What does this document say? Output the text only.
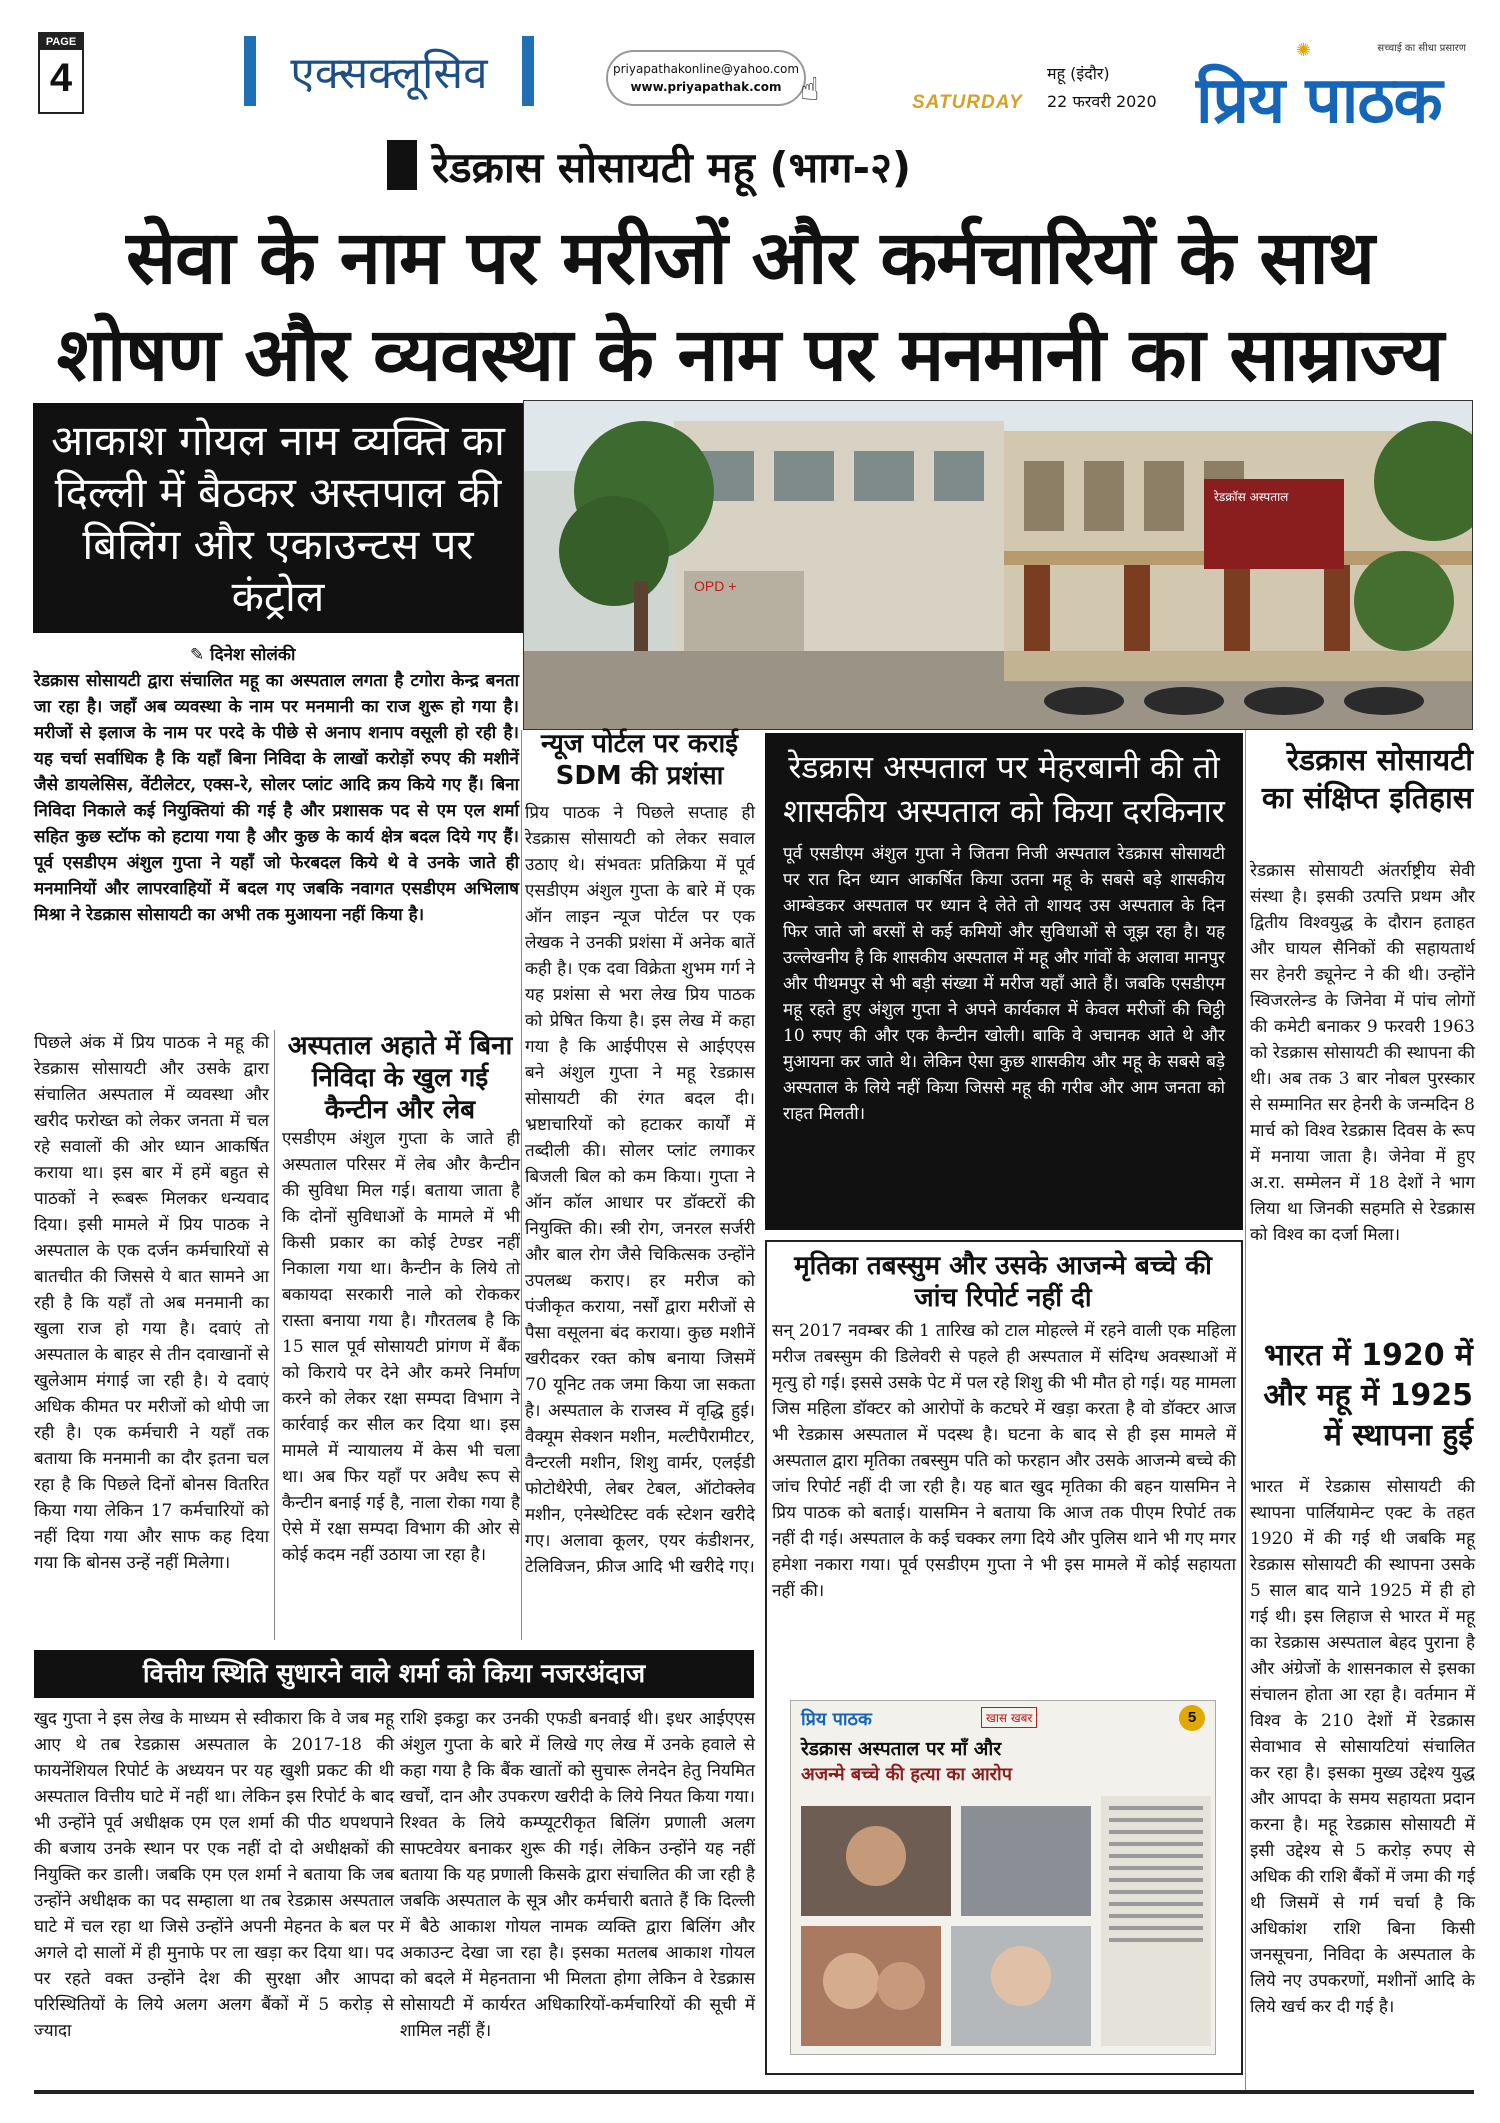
PAGE
4	एक्सक्लूसिव	priyapathakonline@yahoo.com
www.priyapathak.com ☝	SATURDAY
महू (इंदौर)
22 फरवरी 2020
✺	सच्चाई का सीधा प्रसारण
प्रिय पाठक
रेडक्रास सोसायटी महू (भाग-२)
सेवा के नाम पर मरीजों और कर्मचारियों के साथ
शोषण और व्यवस्था के नाम पर मनमानी का साम्राज्य
आकाश गोयल नाम व्यक्ति का दिल्ली में बैठकर अस्तपाल की बिलिंग और एकाउन्टस पर कंट्रोल	OPD +
रेडक्रॉस अस्पताल
✎ दिनेश सोलंकी
रेडक्रास सोसायटी द्वारा संचालित महू का अस्पताल लगता है टगोरा केन्द्र बनता जा रहा है। जहाँ अब व्यवस्था के नाम पर मनमानी का राज शुरू हो गया है। मरीजों से इलाज के नाम पर परदे के पीछे से अनाप शनाप वसूली हो रही है। यह चर्चा सर्वाधिक है कि यहाँ बिना निविदा के लाखों करोड़ों रुपए की मशीनें जैसे डायलेसिस, वेंटीलेटर, एक्स-रे, सोलर प्लांट आदि क्रय किये गए हैं। बिना निविदा निकाले कई नियुक्तियां की गई है और प्रशासक पद से एम एल शर्मा सहित कुछ स्टॉफ को हटाया गया है और कुछ के कार्य क्षेत्र बदल दिये गए हैं। पूर्व एसडीएम अंशुल गुप्ता ने यहाँ जो फेरबदल किये थे वे उनके जाते ही मनमानियों और लापरवाहियों में बदल गए जबकि नवागत एसडीएम अभिलाष मिश्रा ने रेडक्रास सोसायटी का अभी तक मुआयना नहीं किया है।
पिछले अंक में प्रिय पाठक ने महू की रेडक्रास सोसायटी और उसके द्वारा संचालित अस्पताल में व्यवस्था और खरीद फरोख्त को लेकर जनता में चल रहे सवालों की ओर ध्यान आकर्षित कराया था। इस बार में हमें बहुत से पाठकों ने रूबरू मिलकर धन्यवाद दिया। इसी मामले में प्रिय पाठक ने अस्पताल के एक दर्जन कर्मचारियों से बातचीत की जिससे ये बात सामने आ रही है कि यहाँ तो अब मनमानी का खुला राज हो गया है। दवाएं तो अस्पताल के बाहर से तीन दवाखानों से खुलेआम मंगाई जा रही है। ये दवाएं अधिक कीमत पर मरीजों को थोपी जा रही है। एक कर्मचारी ने यहाँ तक बताया कि मनमानी का दौर इतना चल रहा है कि पिछले दिनों बोनस वितरित किया गया लेकिन 17 कर्मचारियों को नहीं दिया गया और साफ कह दिया गया कि बोनस उन्हें नहीं मिलेगा।
अस्पताल अहाते में बिना निविदा के खुल गई कैन्टीन और लेब
एसडीएम अंशुल गुप्ता के जाते ही अस्पताल परिसर में लेब और कैन्टीन की सुविधा मिल गई। बताया जाता है कि दोनों सुविधाओं के मामले में भी किसी प्रकार का कोई टेण्डर नहीं निकाला गया था। कैन्टीन के लिये तो बकायदा सरकारी नाले को रोककर रास्ता बनाया गया है। गौरतलब है कि 15 साल पूर्व सोसायटी प्रांगण में बैंक को किराये पर देने और कमरे निर्माण करने को लेकर रक्षा सम्पदा विभाग ने कार्रवाई कर सील कर दिया था। इस मामले में न्यायालय में केस भी चला था। अब फिर यहाँ पर अवैध रूप से कैन्टीन बनाई गई है, नाला रोका गया है ऐसे में रक्षा सम्पदा विभाग की ओर से कोई कदम नहीं उठाया जा रहा है।
न्यूज पोर्टल पर कराई SDM की प्रशंसा
प्रिय पाठक ने पिछले सप्ताह ही रेडक्रास सोसायटी को लेकर सवाल उठाए थे। संभवतः प्रतिक्रिया में पूर्व एसडीएम अंशुल गुप्ता के बारे में एक ऑन लाइन न्यूज पोर्टल पर एक लेखक ने उनकी प्रशंसा में अनेक बातें कही है। एक दवा विक्रेता शुभम गर्ग ने यह प्रशंसा से भरा लेख प्रिय पाठक को प्रेषित किया है। इस लेख में कहा गया है कि आईपीएस से आईएएस बने अंशुल गुप्ता ने महू रेडक्रास सोसायटी की रंगत बदल दी। भ्रष्टाचारियों को हटाकर कार्यों में तब्दीली की। सोलर प्लांट लगाकर बिजली बिल को कम किया। गुप्ता ने ऑन कॉल आधार पर डॉक्टरों की नियुक्ति की। स्त्री रोग, जनरल सर्जरी और बाल रोग जैसे चिकित्सक उन्होंने उपलब्ध कराए। हर मरीज को पंजीकृत कराया, नर्सों द्वारा मरीजों से पैसा वसूलना बंद कराया। कुछ मशीनें खरीदकर रक्त कोष बनाया जिसमें 70 यूनिट तक जमा किया जा सकता है। अस्पताल के राजस्व में वृद्धि हुई। वैक्यूम सेक्शन मशीन, मल्टीपैरामीटर, वैन्टरली मशीन, शिशु वार्मर, एलईडी फोटोथैरेपी, लेबर टेबल, ऑटोक्लेव मशीन, एनेस्थेटिस्ट वर्क स्टेशन खरीदे गए। अलावा कूलर, एयर कंडीशनर, टेलिविजन, फ्रीज आदि भी खरीदे गए।
रेडक्रास अस्पताल पर मेहरबानी की तो शासकीय अस्पताल को किया दरकिनार
पूर्व एसडीएम अंशुल गुप्ता ने जितना निजी अस्पताल रेडक्रास सोसायटी पर रात दिन ध्यान आकर्षित किया उतना महू के सबसे बड़े शासकीय आम्बेडकर अस्पताल पर ध्यान दे लेते तो शायद उस अस्पताल के दिन फिर जाते जो बरसों से कई कमियों और सुविधाओं से जूझ रहा है। यह उल्लेखनीय है कि शासकीय अस्पताल में महू और गांवों के अलावा मानपुर और पीथमपुर से भी बड़ी संख्या में मरीज यहाँ आते हैं। जबकि एसडीएम महू रहते हुए अंशुल गुप्ता ने अपने कार्यकाल में केवल मरीजों की चिट्ठी 10 रुपए की और एक कैन्टीन खोली। बाकि वे अचानक आते थे और मुआयना कर जाते थे। लेकिन ऐसा कुछ शासकीय और महू के सबसे बड़े अस्पताल के लिये नहीं किया जिससे महू की गरीब और आम जनता को राहत मिलती।
रेडक्रास सोसायटी का संक्षिप्त इतिहास
रेडक्रास सोसायटी अंतर्राष्ट्रीय सेवी संस्था है। इसकी उत्पत्ति प्रथम और द्वितीय विश्वयुद्ध के दौरान हताहत और घायल सैनिकों की सहायतार्थ सर हेनरी ड्यूनेन्ट ने की थी। उन्होंने स्विजरलेन्ड के जिनेवा में पांच लोगों की कमेटी बनाकर 9 फरवरी 1963 को रेडक्रास सोसायटी की स्थापना की थी। अब तक 3 बार नोबल पुरस्कार से सम्मानित सर हेनरी के जन्मदिन 8 मार्च को विश्व रेडक्रास दिवस के रूप में मनाया जाता है। जेनेवा में हुए अ.रा. सम्मेलन में 18 देशों ने भाग लिया था जिनकी सहमति से रेडक्रास को विश्व का दर्जा मिला।
भारत में 1920 में और महू में 1925 में स्थापना हुई
भारत में रेडक्रास सोसायटी की स्थापना पार्लियामेन्ट एक्ट के तहत 1920 में की गई थी जबकि महू रेडक्रास सोसायटी की स्थापना उसके 5 साल बाद याने 1925 में ही हो गई थी। इस लिहाज से भारत में महू का रेडक्रास अस्पताल बेहद पुराना है और अंग्रेजों के शासनकाल से इसका संचालन होता आ रहा है। वर्तमान में विश्व के 210 देशों में रेडक्रास सेवाभाव से सोसायटियां संचालित कर रहा है। इसका मुख्य उद्देश्य युद्ध और आपदा के समय सहायता प्रदान करना है। महू रेडक्रास सोसायटी में इसी उद्देश्य से 5 करोड़ रुपए से अधिक की राशि बैंकों में जमा की गई थी जिसमें से गर्म चर्चा है कि अधिकांश राशि बिना किसी जनसूचना, निविदा के अस्पताल के लिये नए उपकरणों, मशीनों आदि के लिये खर्च कर दी गई है।
मृतिका तबस्सुम और उसके आजन्मे बच्चे की जांच रिपोर्ट नहीं दी
सन् 2017 नवम्बर की 1 तारिख को टाल मोहल्ले में रहने वाली एक महिला मरीज तबस्सुम की डिलेवरी से पहले ही अस्पताल में संदिग्ध अवस्थाओं में मृत्यु हो गई। इससे उसके पेट में पल रहे शिशु की भी मौत हो गई। यह मामला जिस महिला डॉक्टर को आरोपों के कटघरे में खड़ा करता है वो डॉक्टर आज भी रेडक्रास अस्पताल में पदस्थ है। घटना के बाद से ही इस मामले में अस्पताल द्वारा मृतिका तबस्सुम पति को फरहान और उसके आजन्मे बच्चे की जांच रिपोर्ट नहीं दी जा रही है। यह बात खुद मृतिका की बहन यासमिन ने प्रिय पाठक को बताई। यासमिन ने बताया कि आज तक पीएम रिपोर्ट तक नहीं दी गई। अस्पताल के कई चक्कर लगा दिये और पुलिस थाने भी गए मगर हमेशा नकारा गया। पूर्व एसडीएम गुप्ता ने भी इस मामले में कोई सहायता नहीं की।
प्रिय पाठक	खास खबर	5
रेडक्रास अस्पताल पर माँ और
अजन्मे बच्चे की हत्या का आरोप
वित्तीय स्थिति सुधारने वाले शर्मा को किया नजरअंदाज
खुद गुप्ता ने इस लेख के माध्यम से स्वीकारा कि वे जब महू आए थे तब रेडक्रास अस्पताल के 2017-18 की फायनेंशियल रिपोर्ट के अध्ययन पर यह खुशी प्रकट की थी अस्पताल वित्तीय घाटे में नहीं था। लेकिन इस रिपोर्ट के बाद भी उन्होंने पूर्व अधीक्षक एम एल शर्मा की पीठ थपथपाने की बजाय उनके स्थान पर एक नहीं दो दो अधीक्षकों की नियुक्ति कर डाली। जबकि एम एल शर्मा ने बताया कि जब उन्होंने अधीक्षक का पद सम्हाला था तब रेडक्रास अस्पताल घाटे में चल रहा था जिसे उन्होंने अपनी मेहनत के बल पर अगले दो सालों में ही मुनाफे पर ला खड़ा कर दिया था। पद पर रहते वक्त उन्होंने देश की सुरक्षा और आपदा परिस्थितियों के लिये अलग अलग बैंकों में 5 करोड़ से ज्यादा
राशि इकट्ठा कर उनकी एफडी बनवाई थी। इधर आईएएस अंशुल गुप्ता के बारे में लिखे गए लेख में उनके हवाले से कहा गया है कि बैंक खातों को सुचारू लेनदेन हेतु नियमित खर्चों, दान और उपकरण खरीदी के लिये नियत किया गया। रिश्वत के लिये कम्प्यूटरीकृत बिलिंग प्रणाली अलग साफ्टवेयर बनाकर शुरू की गई। लेकिन उन्होंने यह नहीं बताया कि यह प्रणाली किसके द्वारा संचालित की जा रही है जबकि अस्पताल के सूत्र और कर्मचारी बताते हैं कि दिल्ली में बैठे आकाश गोयल नामक व्यक्ति द्वारा बिलिंग और अकाउन्ट देखा जा रहा है। इसका मतलब आकाश गोयल को बदले में मेहनताना भी मिलता होगा लेकिन वे रेडक्रास सोसायटी में कार्यरत अधिकारियों-कर्मचारियों की सूची में शामिल नहीं हैं।
